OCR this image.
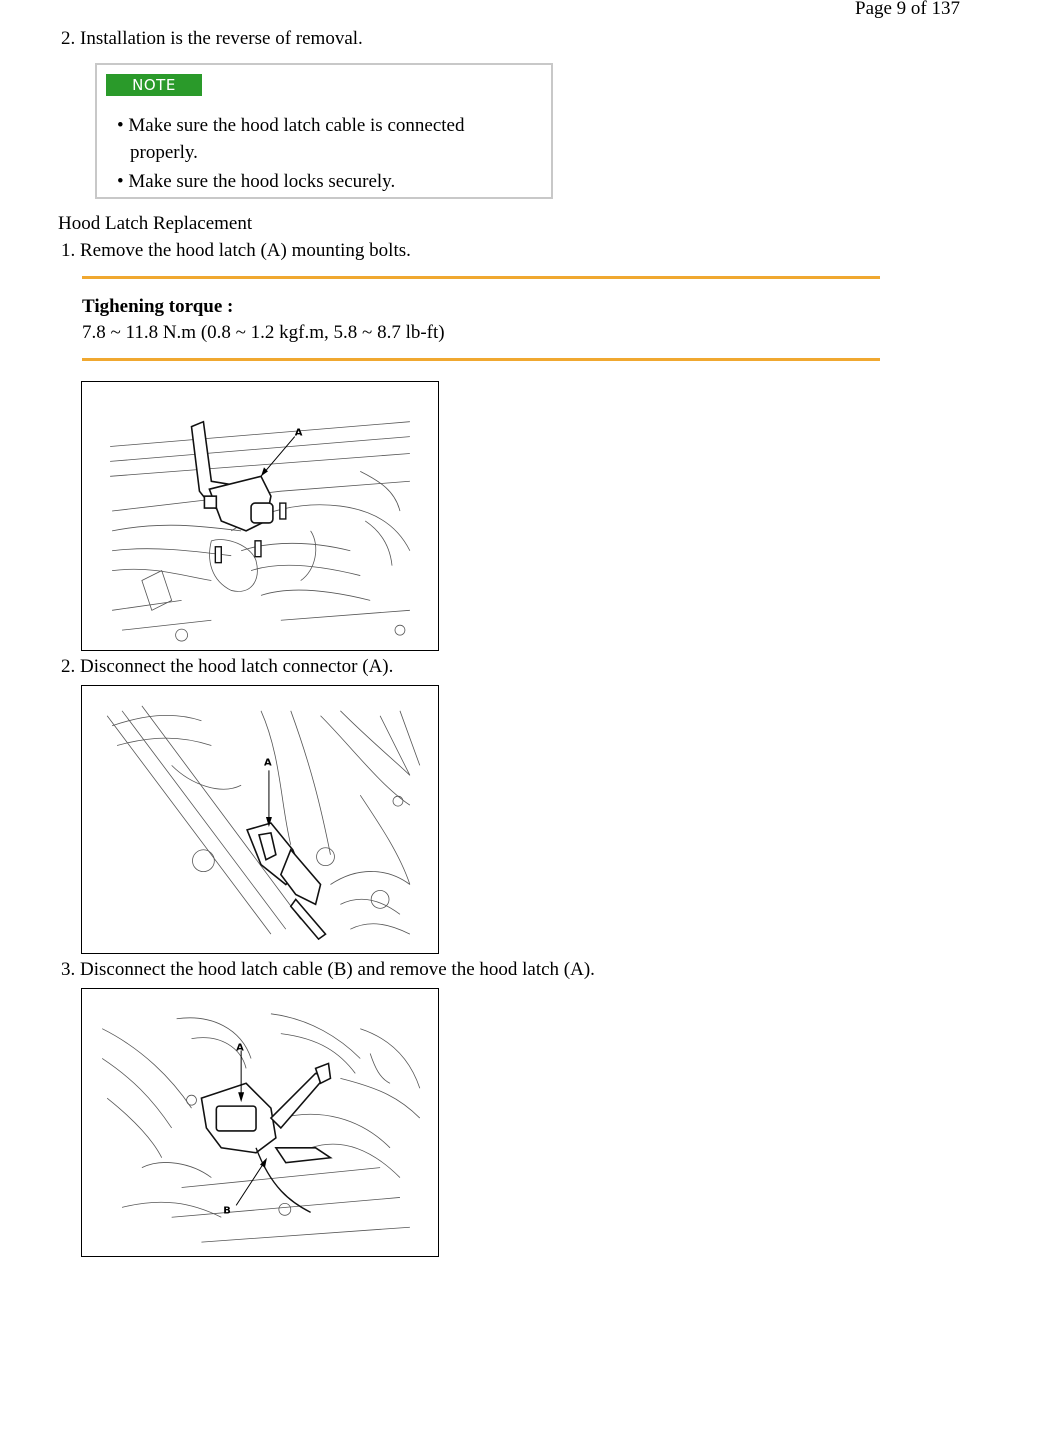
Page 9 of 137
2. Installation is the reverse of removal.
NOTE
• Make sure the hood latch cable is connected
properly.
• Make sure the hood locks securely.
Hood Latch Replacement
1. Remove the hood latch (A) mounting bolts.
Tighening torque :
7.8 ~ 11.8 N.m (0.8 ~ 1.2 kgf.m, 5.8 ~ 8.7 lb-ft)
A
2. Disconnect the hood latch connector (A).
A
3. Disconnect the hood latch cable (B) and remove the hood latch (A).
A
B
